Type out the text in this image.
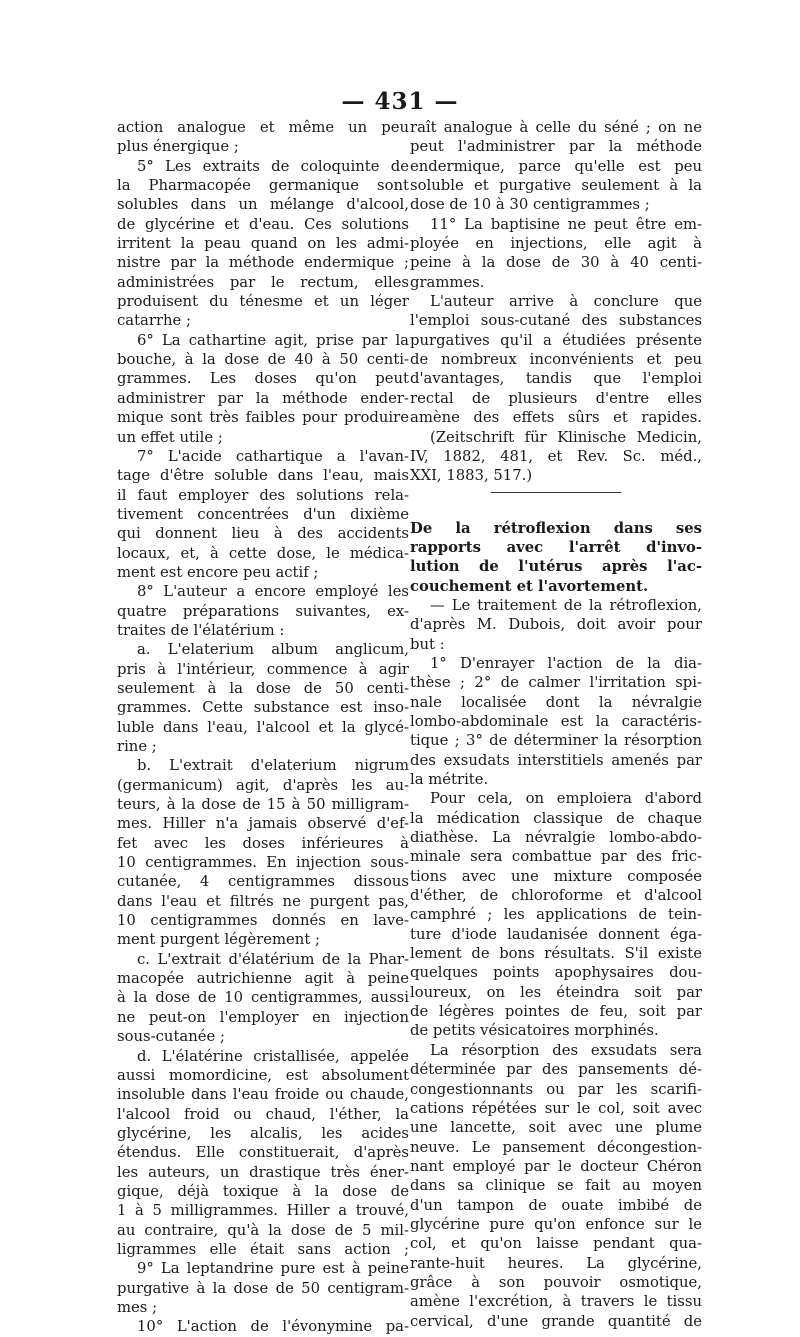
— 431 —
action analogue et même un peu
plus énergique ;
5° Les extraits de coloquinte de
la Pharmacopée germanique sont
solubles dans un mélange d'alcool,
de glycérine et d'eau. Ces solutions
irritent la peau quand on les admi-
nistre par la méthode endermique ;
administrées par le rectum, elles
produisent du ténesme et un léger
catarrhe ;
6° La cathartine agit, prise par la
bouche, à la dose de 40 à 50 centi-
grammes. Les doses qu'on peut
administrer par la méthode ender-
mique sont très faibles pour produire
un effet utile ;
7° L'acide cathartique a l'avan-
tage d'être soluble dans l'eau, mais
il faut employer des solutions rela-
tivement concentrées d'un dixième
qui donnent lieu à des accidents
locaux, et, à cette dose, le médica-
ment est encore peu actif ;
8° L'auteur a encore employé les
quatre préparations suivantes, ex-
traites de l'élatérium :
a. L'elaterium album anglicum,
pris à l'intérieur, commence à agir
seulement à la dose de 50 centi-
grammes. Cette substance est inso-
luble dans l'eau, l'alcool et la glycé-
rine ;
b. L'extrait d'elaterium nigrum
(germanicum) agit, d'après les au-
teurs, à la dose de 15 à 50 milligram-
mes. Hiller n'a jamais observé d'ef-
fet avec les doses inférieures à
10 centigrammes. En injection sous-
cutanée, 4 centigrammes dissous
dans l'eau et filtrés ne purgent pas,
10 centigrammes donnés en lave-
ment purgent légèrement ;
c. L'extrait d'élatérium de la Phar-
macopée autrichienne agit à peine
à la dose de 10 centigrammes, aussi
ne peut-on l'employer en injection
sous-cutanée ;
d. L'élatérine cristallisée, appelée
aussi momordicine, est absolument
insoluble dans l'eau froide ou chaude,
l'alcool froid ou chaud, l'éther, la
glycérine, les alcalis, les acides
étendus. Elle constituerait, d'après
les auteurs, un drastique très éner-
gique, déjà toxique à la dose de
1 à 5 milligrammes. Hiller a trouvé,
au contraire, qu'à la dose de 5 mil-
ligrammes elle était sans action ;
9° La leptandrine pure est à peine
purgative à la dose de 50 centigram-
mes ;
10° L'action de l'évonymine pa-
raît analogue à celle du séné ; on ne
peut l'administrer par la méthode
endermique, parce qu'elle est peu
soluble et purgative seulement à la
dose de 10 à 30 centigrammes ;
11° La baptisine ne peut être em-
ployée en injections, elle agit à
peine à la dose de 30 à 40 centi-
grammes.
L'auteur arrive à conclure que
l'emploi sous-cutané des substances
purgatives qu'il a étudiées présente
de nombreux inconvénients et peu
d'avantages, tandis que l'emploi
rectal de plusieurs d'entre elles
amène des effets sûrs et rapides.
(Zeitschrift für Klinische Medicin,
IV, 1882, 481, et Rev. Sc. méd.,
XXI, 1883, 517.)
De la rétroflexion dans ses
rapports avec l'arrêt d'invo-
lution de l'utérus après l'ac-
couchement et l'avortement.
— Le traitement de la rétroflexion,
d'après M. Dubois, doit avoir pour
but :
1° D'enrayer l'action de la dia-
thèse ; 2° de calmer l'irritation spi-
nale localisée dont la névralgie
lombo-abdominale est la caractéris-
tique ; 3° de déterminer la résorption
des exsudats interstitiels amenés par
la métrite.
Pour cela, on emploiera d'abord
la médication classique de chaque
diathèse. La névralgie lombo-abdo-
minale sera combattue par des fric-
tions avec une mixture composée
d'éther, de chloroforme et d'alcool
camphré ; les applications de tein-
ture d'iode laudanisée donnent éga-
lement de bons résultats. S'il existe
quelques points apophysaires dou-
loureux, on les éteindra soit par
de légères pointes de feu, soit par
de petits vésicatoires morphinés.
La résorption des exsudats sera
déterminée par des pansements dé-
congestionnants ou par les scarifi-
cations répétées sur le col, soit avec
une lancette, soit avec une plume
neuve. Le pansement décongestion-
nant employé par le docteur Chéron
dans sa clinique se fait au moyen
d'un tampon de ouate imbibé de
glycérine pure qu'on enfonce sur le
col, et qu'on laisse pendant qua-
rante-huit heures. La glycérine,
grâce à son pouvoir osmotique,
amène l'excrétion, à travers le tissu
cervical, d'une grande quantité de
